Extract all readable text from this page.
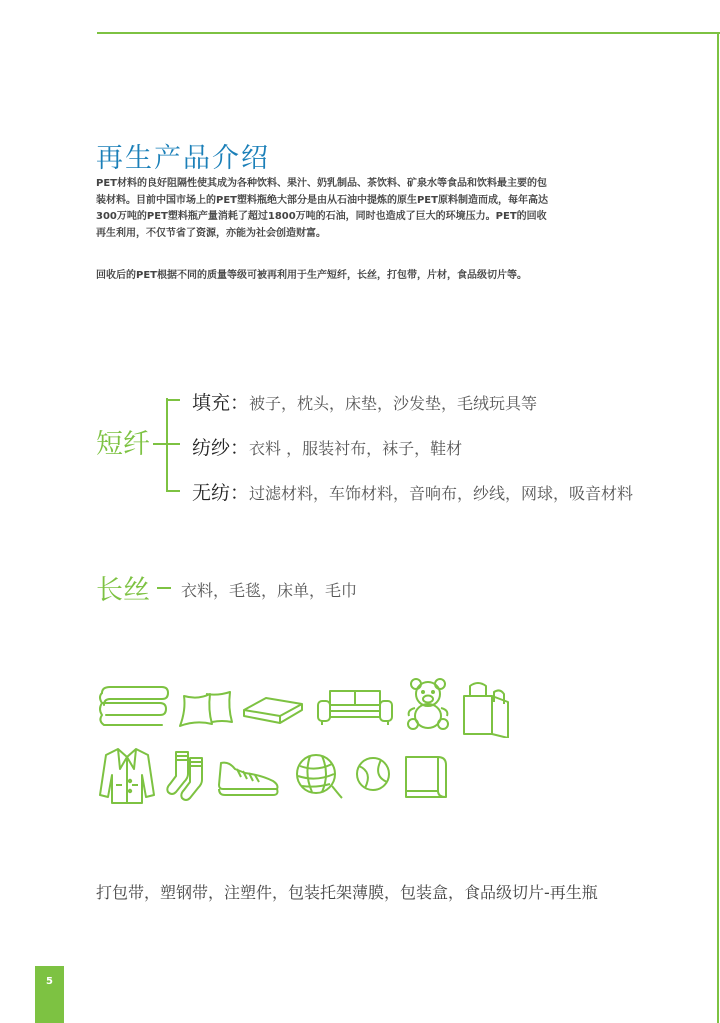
再生产品介绍

PET材料的良好阻隔性使其成为各种饮料、果汁、奶乳制品、茶饮料、矿泉水等食品和饮料最主要的包装材料。目前中国市场上的PET塑料瓶绝大部分是由从石油中提炼的原生PET原料制造而成，每年高达300万吨的PET塑料瓶产量消耗了超过1800万吨的石油，同时也造成了巨大的环境压力。PET的回收再生利用，不仅节省了资源，亦能为社会创造财富。

回收后的PET根据不同的质量等级可被再利用于生产短纤，长丝，打包带，片材，食品级切片等。

短纤
填充：被子，枕头，床垫，沙发垫，毛绒玩具等
纺纱：衣料 ，服装衬布，袜子，鞋材
无纺：过滤材料，车饰材料，音响布，纱线，网球，吸音材料
长丝 衣料，毛毯，床单，毛巾
打包带，塑钢带，注塑件，包装托架薄膜，包装盒，食品级切片-再生瓶
5
